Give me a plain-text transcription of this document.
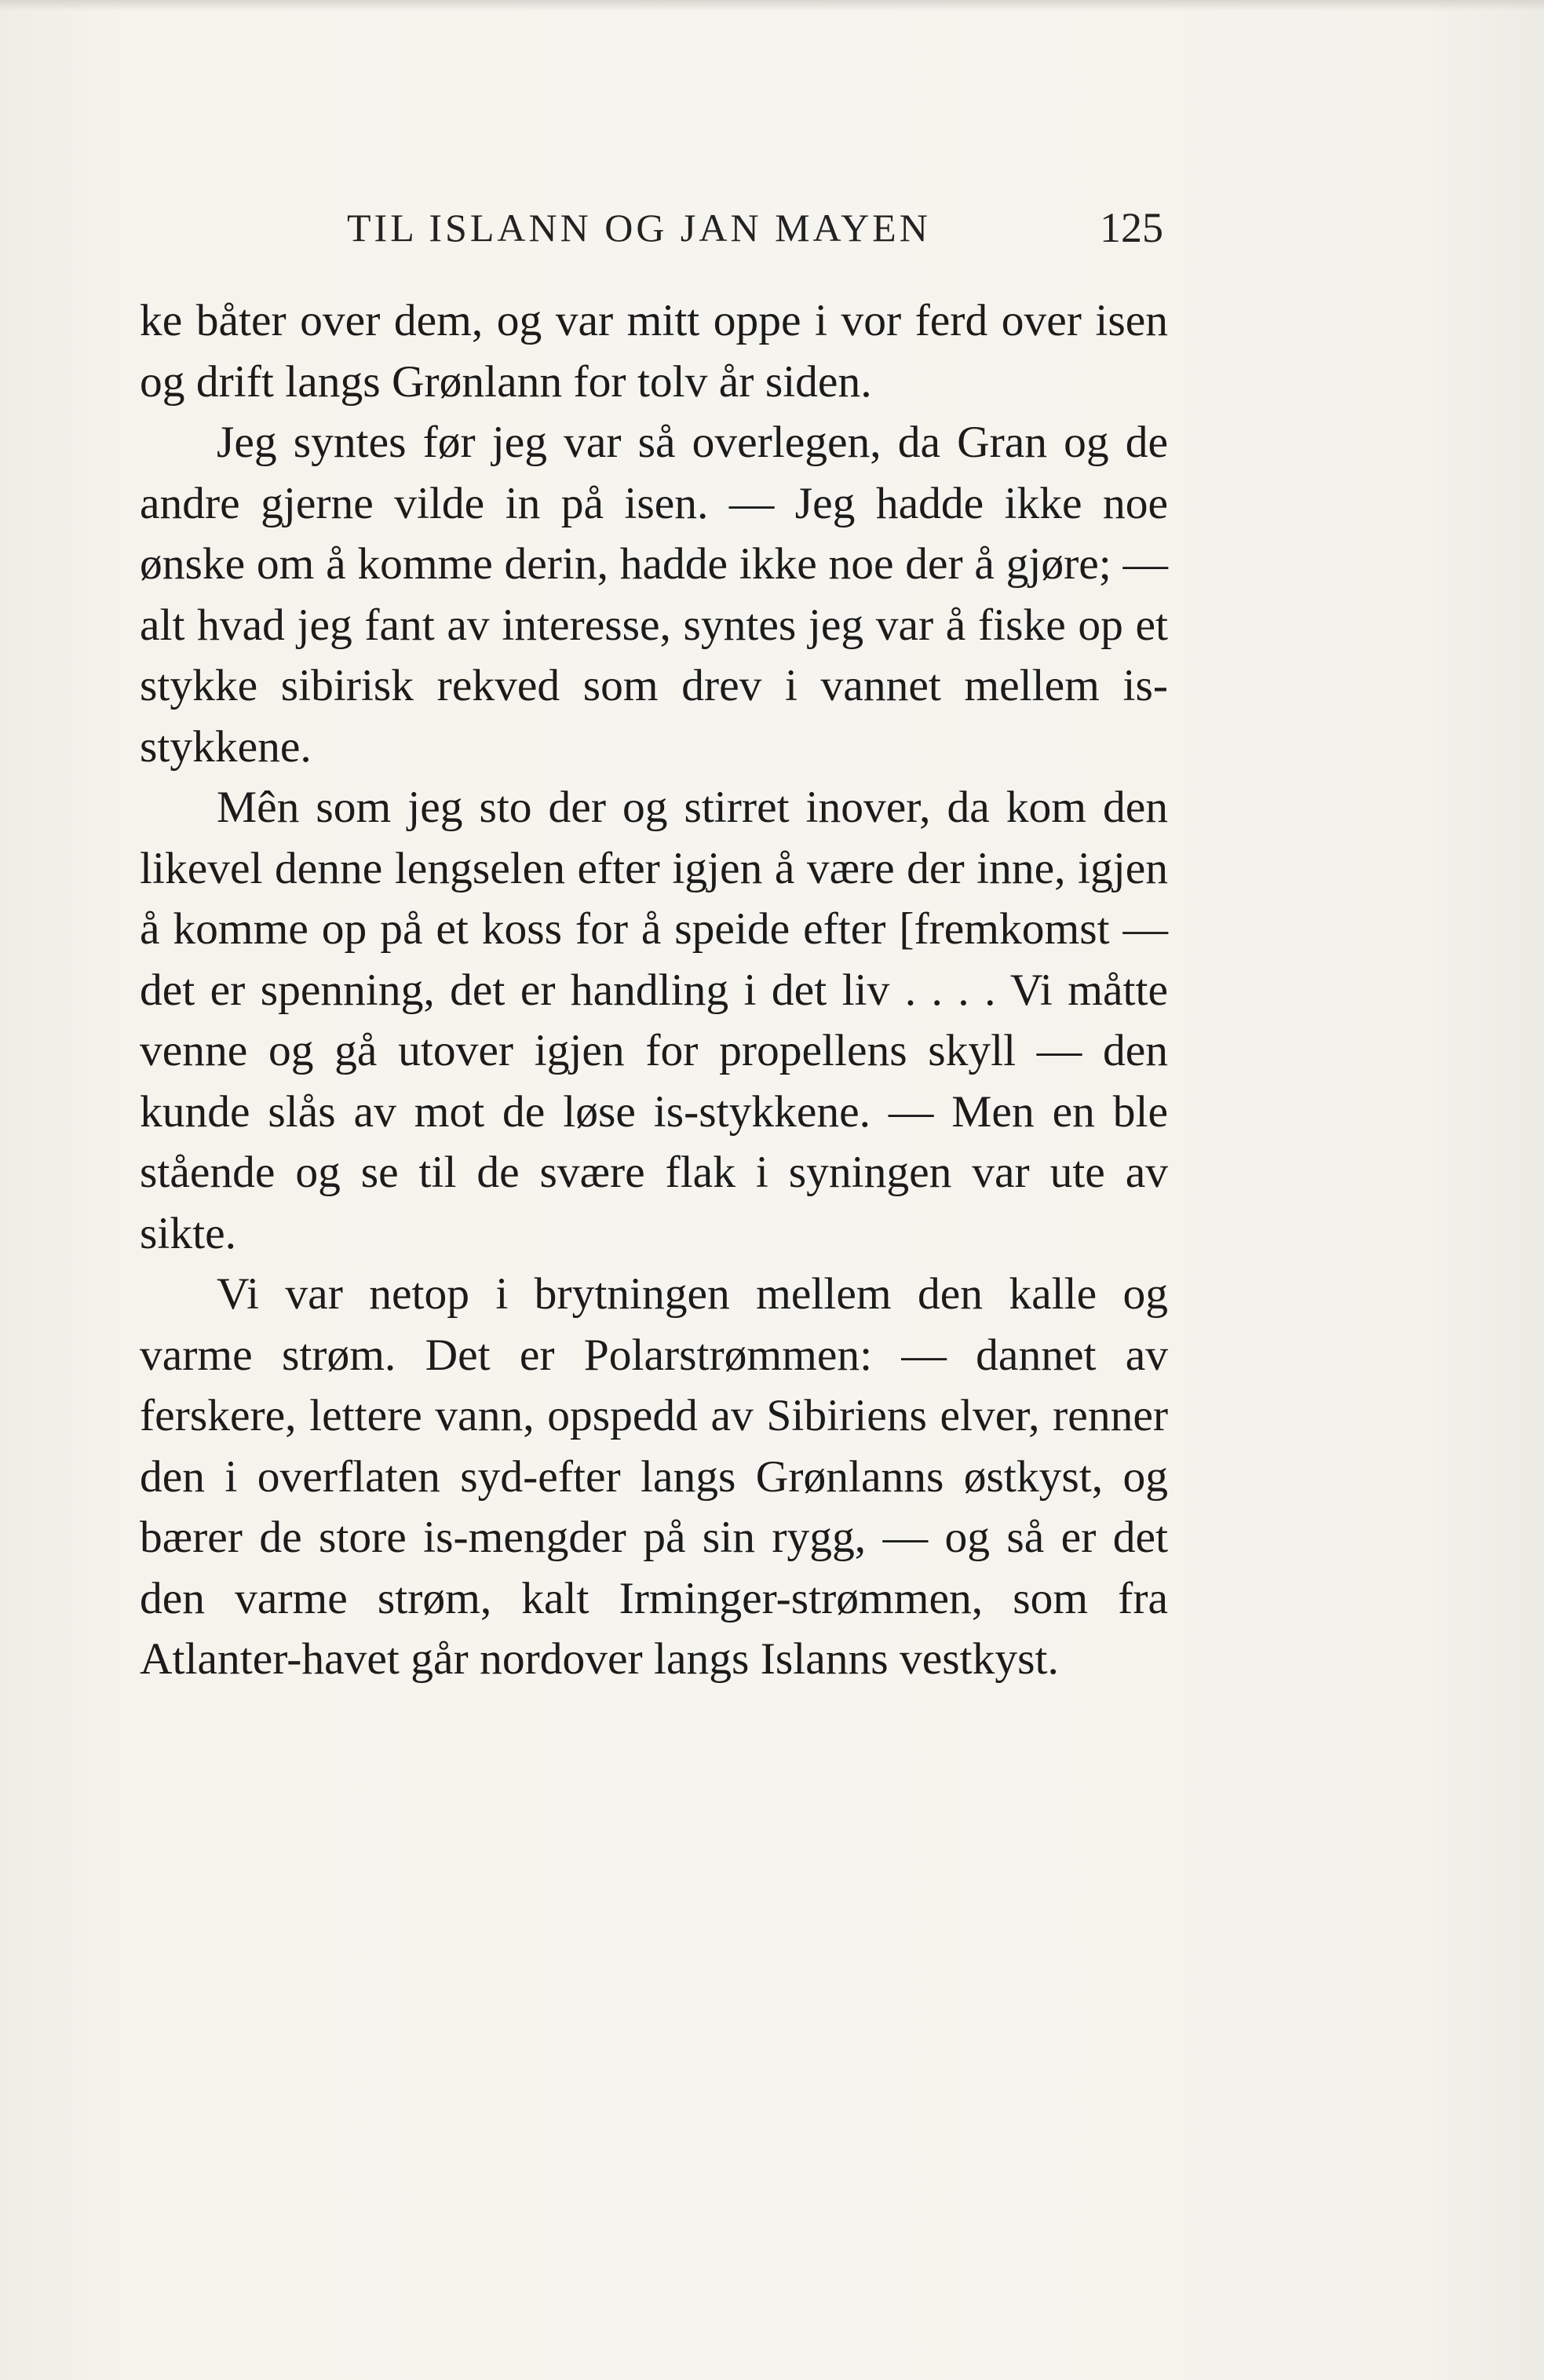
TIL ISLANN OG JAN MAYEN	125

ke båter over dem, og var mitt oppe i vor ferd over isen og drift langs Grønlann for tolv år siden.

Jeg syntes før jeg var så overlegen, da Gran og de andre gjerne vilde in på isen. — Jeg hadde ikke noe ønske om å komme derin, hadde ikke noe der å gjøre; — alt hvad jeg fant av interesse, syntes jeg var å fiske op et stykke sibirisk rekved som drev i vannet mellem is-stykkene.

Mên som jeg sto der og stirret inover, da kom den likevel denne lengselen efter igjen å være der inne, igjen å komme op på et koss for å speide efter [fremkomst — det er spenning, det er handling i det liv . . . . Vi måtte venne og gå utover igjen for propellens skyll — den kunde slås av mot de løse is-stykkene. — Men en ble stående og se til de svære flak i syningen var ute av sikte.

Vi var netop i brytningen mellem den kalle og varme strøm. Det er Polarstrømmen: — dannet av ferskere, lettere vann, opspedd av Sibiriens elver, renner den i overflaten syd-efter langs Grønlanns østkyst, og bærer de store is-mengder på sin rygg, — og så er det den varme strøm, kalt Irminger-strømmen, som fra Atlanter-havet går nordover langs Islanns vestkyst.
